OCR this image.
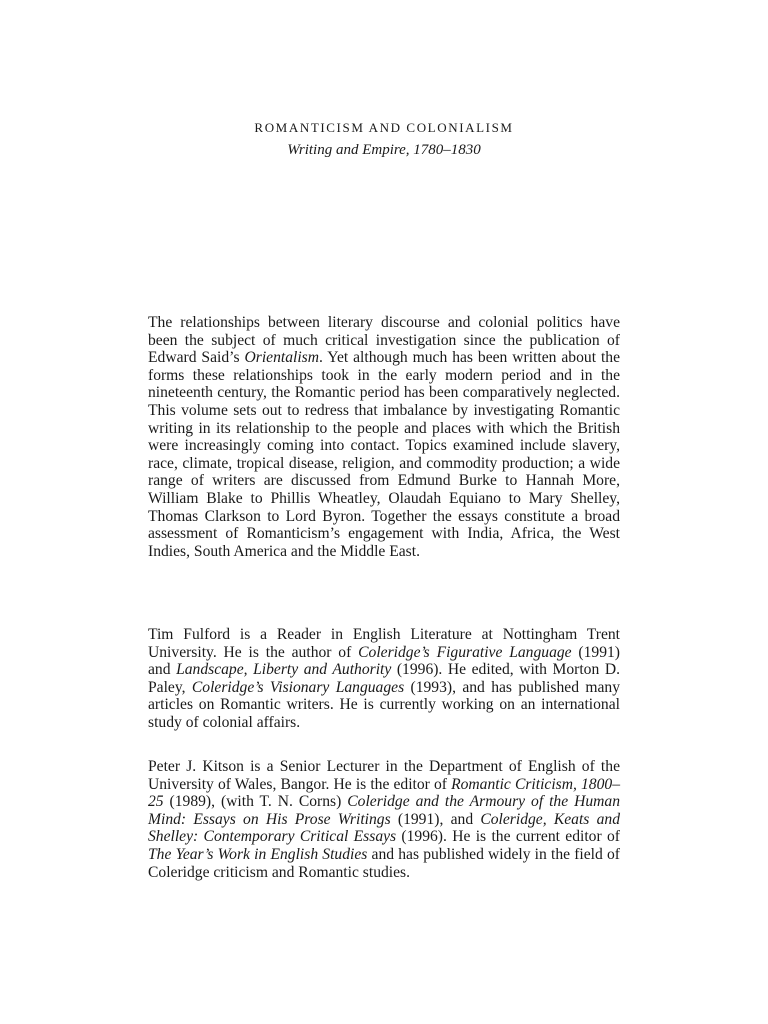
ROMANTICISM AND COLONIALISM
Writing and Empire, 1780–1830

The relationships between literary discourse and colonial politics have been the subject of much critical investigation since the publication of Edward Said’s Orientalism. Yet although much has been written about the forms these relationships took in the early modern period and in the nineteenth century, the Romantic period has been comparatively neglected. This volume sets out to redress that imbalance by investigating Romantic writing in its relationship to the people and places with which the British were increasingly coming into contact. Topics examined include slavery, race, climate, tropical disease, religion, and commodity production; a wide range of writers are discussed from Edmund Burke to Hannah More, William Blake to Phillis Wheatley, Olaudah Equiano to Mary Shelley, Thomas Clarkson to Lord Byron. Together the essays constitute a broad assessment of Romanticism’s engagement with India, Africa, the West Indies, South America and the Middle East.

Tim Fulford is a Reader in English Literature at Nottingham Trent University. He is the author of Coleridge’s Figurative Language (1991) and Landscape, Liberty and Authority (1996). He edited, with Morton D. Paley, Coleridge’s Visionary Languages (1993), and has published many articles on Romantic writers. He is currently working on an international study of colonial affairs.

Peter J. Kitson is a Senior Lecturer in the Department of English of the University of Wales, Bangor. He is the editor of Romantic Criticism, 1800–25 (1989), (with T. N. Corns) Coleridge and the Armoury of the Human Mind: Essays on His Prose Writings (1991), and Coleridge, Keats and Shelley: Contemporary Critical Essays (1996). He is the current editor of The Year’s Work in English Studies and has published widely in the field of Coleridge criticism and Romantic studies.
